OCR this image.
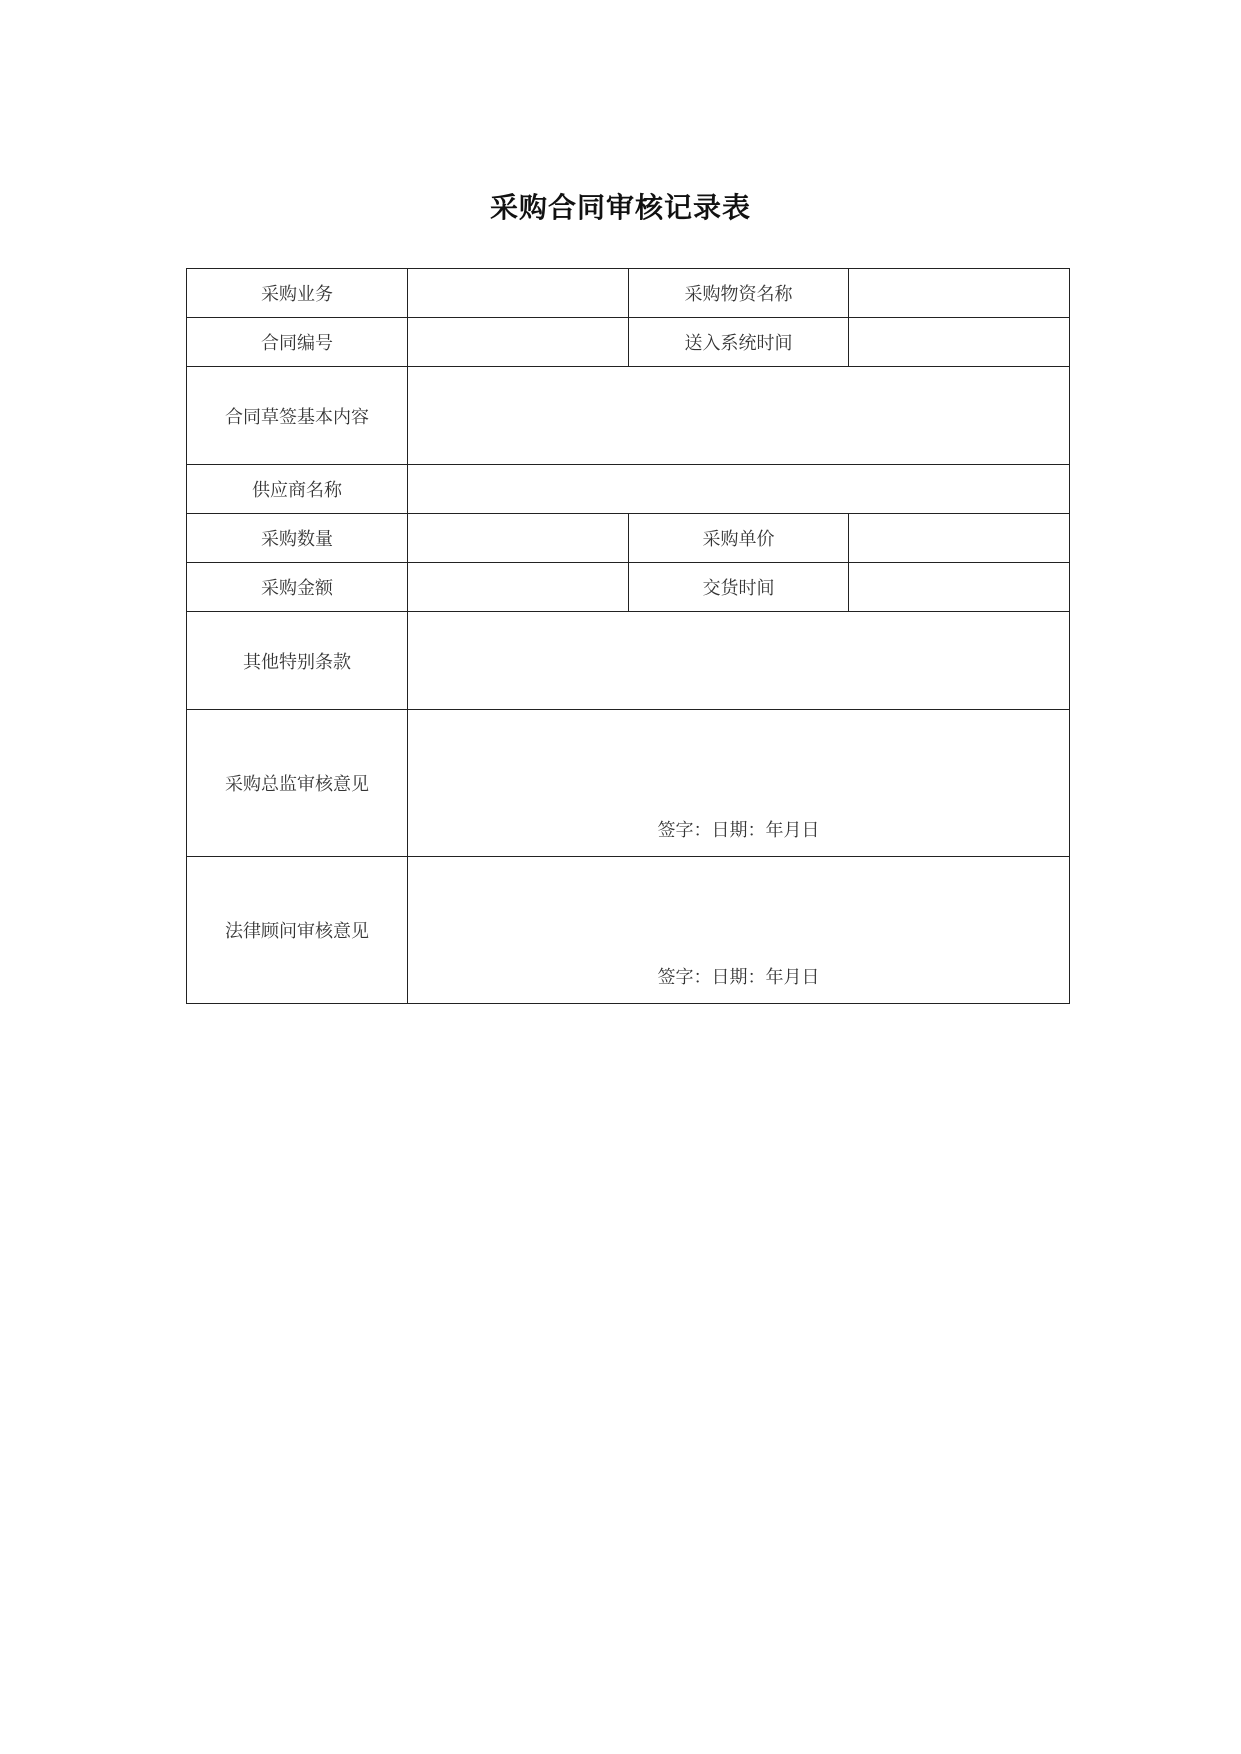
采购合同审核记录表
采购业务		采购物资名称	
合同编号		送入系统时间	
合同草签基本内容			
供应商名称			
采购数量		采购单价	
采购金额		交货时间	
其他特别条款			
采购总监审核意见	签字：日期：年月日		

法律顾问审核意见	签字：日期：年月日		
